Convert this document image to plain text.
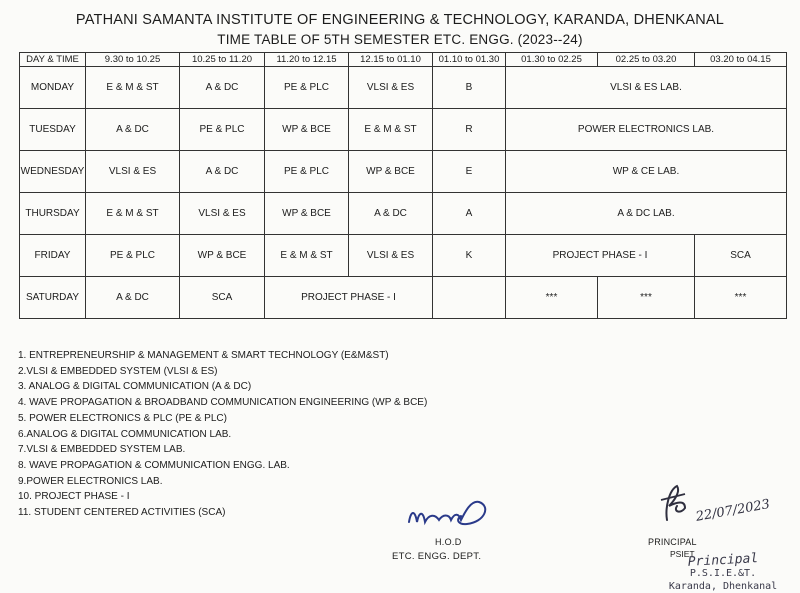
PATHANI SAMANTA INSTITUTE OF ENGINEERING & TECHNOLOGY, KARANDA, DHENKANAL
TIME TABLE OF 5TH SEMESTER ETC. ENGG. (2023--24)
DAY & TIME	9.30 to 10.25	10.25 to 11.20	11.20 to 12.15	12.15 to 01.10	01.10 to 01.30	01.30 to 02.25	02.25 to 03.20	03.20 to 04.15
MONDAY	E & M & ST	A & DC	PE & PLC	VLSI & ES	B	VLSI & ES LAB.		
TUESDAY	A & DC	PE & PLC	WP & BCE	E & M & ST	R	POWER ELECTRONICS LAB.		
WEDNESDAY	VLSI & ES	A & DC	PE & PLC	WP & BCE	E	WP & CE LAB.		
THURSDAY	E & M & ST	VLSI & ES	WP & BCE	A & DC	A	A & DC LAB.		
FRIDAY	PE & PLC	WP & BCE	E & M & ST	VLSI & ES	K	PROJECT PHASE - I		SCA
SATURDAY	A & DC	SCA	PROJECT PHASE - I			***	***	***
1. ENTREPRENEURSHIP & MANAGEMENT & SMART TECHNOLOGY (E&M&ST)
2.VLSI & EMBEDDED SYSTEM (VLSI & ES)
3. ANALOG & DIGITAL COMMUNICATION (A & DC)
4. WAVE PROPAGATION & BROADBAND COMMUNICATION ENGINEERING (WP & BCE)
5. POWER ELECTRONICS & PLC (PE & PLC)
6.ANALOG & DIGITAL COMMUNICATION LAB.
7.VLSI & EMBEDDED SYSTEM LAB.
8. WAVE PROPAGATION & COMMUNICATION ENGG. LAB.
9.POWER ELECTRONICS LAB.
10. PROJECT PHASE - I
11. STUDENT CENTERED ACTIVITIES (SCA)
H.O.D
ETC. ENGG. DEPT.
22/07/2023
PRINCIPAL
PSIET
Principal
P.S.I.E.&T.
Karanda, Dhenkanal
